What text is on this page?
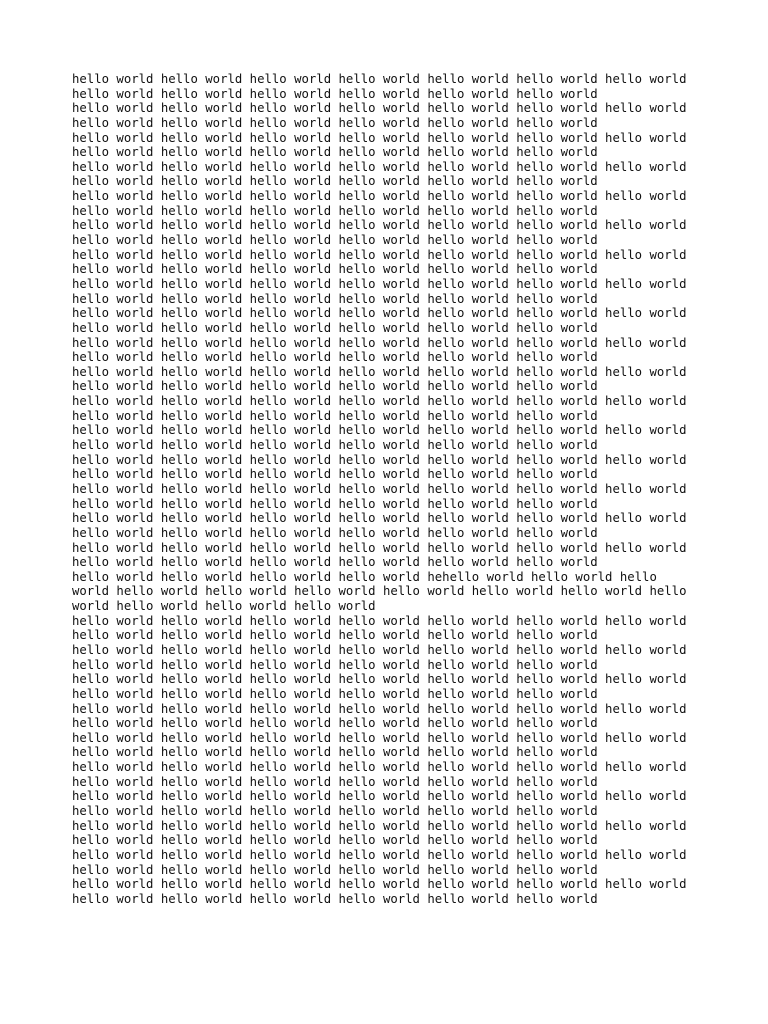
hello world hello world hello world hello world hello world hello world hello world
hello world hello world hello world hello world hello world hello world
hello world hello world hello world hello world hello world hello world hello world
hello world hello world hello world hello world hello world hello world
hello world hello world hello world hello world hello world hello world hello world
hello world hello world hello world hello world hello world hello world
hello world hello world hello world hello world hello world hello world hello world
hello world hello world hello world hello world hello world hello world
hello world hello world hello world hello world hello world hello world hello world
hello world hello world hello world hello world hello world hello world
hello world hello world hello world hello world hello world hello world hello world
hello world hello world hello world hello world hello world hello world
hello world hello world hello world hello world hello world hello world hello world
hello world hello world hello world hello world hello world hello world
hello world hello world hello world hello world hello world hello world hello world
hello world hello world hello world hello world hello world hello world
hello world hello world hello world hello world hello world hello world hello world
hello world hello world hello world hello world hello world hello world
hello world hello world hello world hello world hello world hello world hello world
hello world hello world hello world hello world hello world hello world
hello world hello world hello world hello world hello world hello world hello world
hello world hello world hello world hello world hello world hello world
hello world hello world hello world hello world hello world hello world hello world
hello world hello world hello world hello world hello world hello world
hello world hello world hello world hello world hello world hello world hello world
hello world hello world hello world hello world hello world hello world
hello world hello world hello world hello world hello world hello world hello world
hello world hello world hello world hello world hello world hello world
hello world hello world hello world hello world hello world hello world hello world
hello world hello world hello world hello world hello world hello world
hello world hello world hello world hello world hello world hello world hello world
hello world hello world hello world hello world hello world hello world
hello world hello world hello world hello world hello world hello world hello world
hello world hello world hello world hello world hello world hello world
hello world hello world hello world hello world hehello world hello world hello
world hello world hello world hello world hello world hello world hello world hello
world hello world hello world hello world
hello world hello world hello world hello world hello world hello world hello world
hello world hello world hello world hello world hello world hello world
hello world hello world hello world hello world hello world hello world hello world
hello world hello world hello world hello world hello world hello world
hello world hello world hello world hello world hello world hello world hello world
hello world hello world hello world hello world hello world hello world
hello world hello world hello world hello world hello world hello world hello world
hello world hello world hello world hello world hello world hello world
hello world hello world hello world hello world hello world hello world hello world
hello world hello world hello world hello world hello world hello world
hello world hello world hello world hello world hello world hello world hello world
hello world hello world hello world hello world hello world hello world
hello world hello world hello world hello world hello world hello world hello world
hello world hello world hello world hello world hello world hello world
hello world hello world hello world hello world hello world hello world hello world
hello world hello world hello world hello world hello world hello world
hello world hello world hello world hello world hello world hello world hello world
hello world hello world hello world hello world hello world hello world
hello world hello world hello world hello world hello world hello world hello world
hello world hello world hello world hello world hello world hello world
